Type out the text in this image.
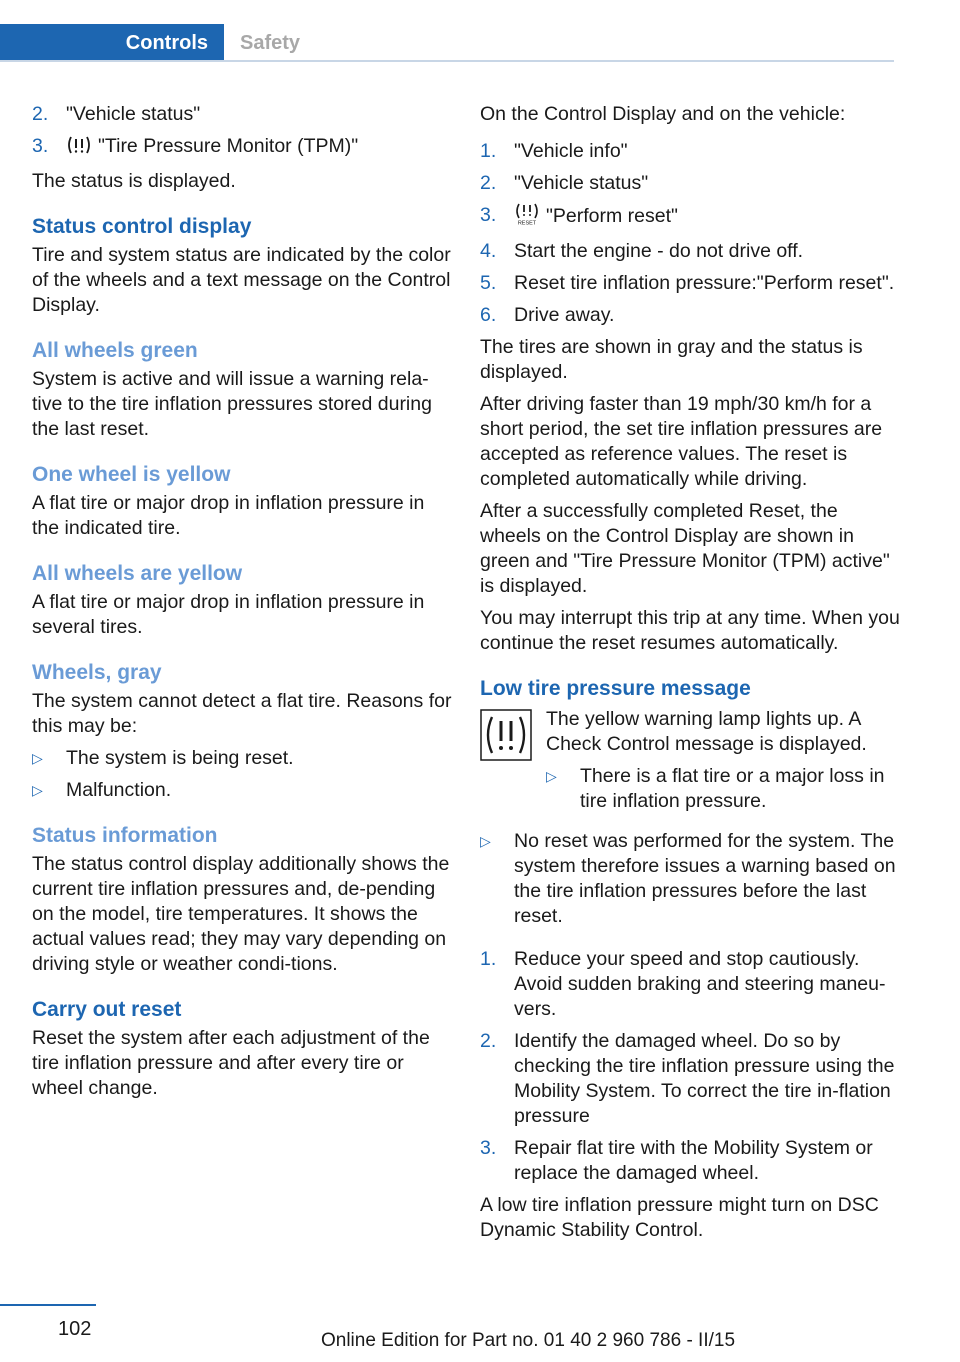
Controls	Safety
2. "Vehicle status"
3.	"Tire Pressure Monitor (TPM)"
The status is displayed.
Status control display
Tire and system status are indicated by the color of the wheels and a text message on the Control Display.
All wheels green
System is active and will issue a warning rela-tive to the tire inflation pressures stored during the last reset.
One wheel is yellow
A flat tire or major drop in inflation pressure in the indicated tire.
All wheels are yellow
A flat tire or major drop in inflation pressure in several tires.
Wheels, gray
The system cannot detect a flat tire. Reasons for this may be:
▷	The system is being reset.
▷	Malfunction.
Status information
The status control display additionally shows the current tire inflation pressures and, de-pending on the model, tire temperatures. It shows the actual values read; they may vary depending on driving style or weather condi-tions.
Carry out reset
Reset the system after each adjustment of the tire inflation pressure and after every tire or wheel change.
On the Control Display and on the vehicle:
1. "Vehicle info"
2. "Vehicle status"
3.	RESET "Perform reset"
4. Start the engine - do not drive off.
5. Reset tire inflation pressure:"Perform reset".
6. Drive away.
The tires are shown in gray and the status is displayed.
After driving faster than 19 mph/30 km/h for a short period, the set tire inflation pressures are accepted as reference values. The reset is completed automatically while driving.
After a successfully completed Reset, the wheels on the Control Display are shown in green and "Tire Pressure Monitor (TPM) active" is displayed.
You may interrupt this trip at any time. When you continue the reset resumes automatically.
Low tire pressure message
The yellow warning lamp lights up. A Check Control message is displayed.
▷	There is a flat tire or a major loss in tire inflation pressure.
▷	No reset was performed for the system. The system therefore issues a warning based on the tire inflation pressures before the last reset.
1. Reduce your speed and stop cautiously. Avoid sudden braking and steering maneu-vers.
2. Identify the damaged wheel. Do so by checking the tire inflation pressure using the Mobility System. To correct the tire in-flation pressure
3. Repair flat tire with the Mobility System or replace the damaged wheel.
A low tire inflation pressure might turn on DSC Dynamic Stability Control.
102
Online Edition for Part no. 01 40 2 960 786 - II/15
